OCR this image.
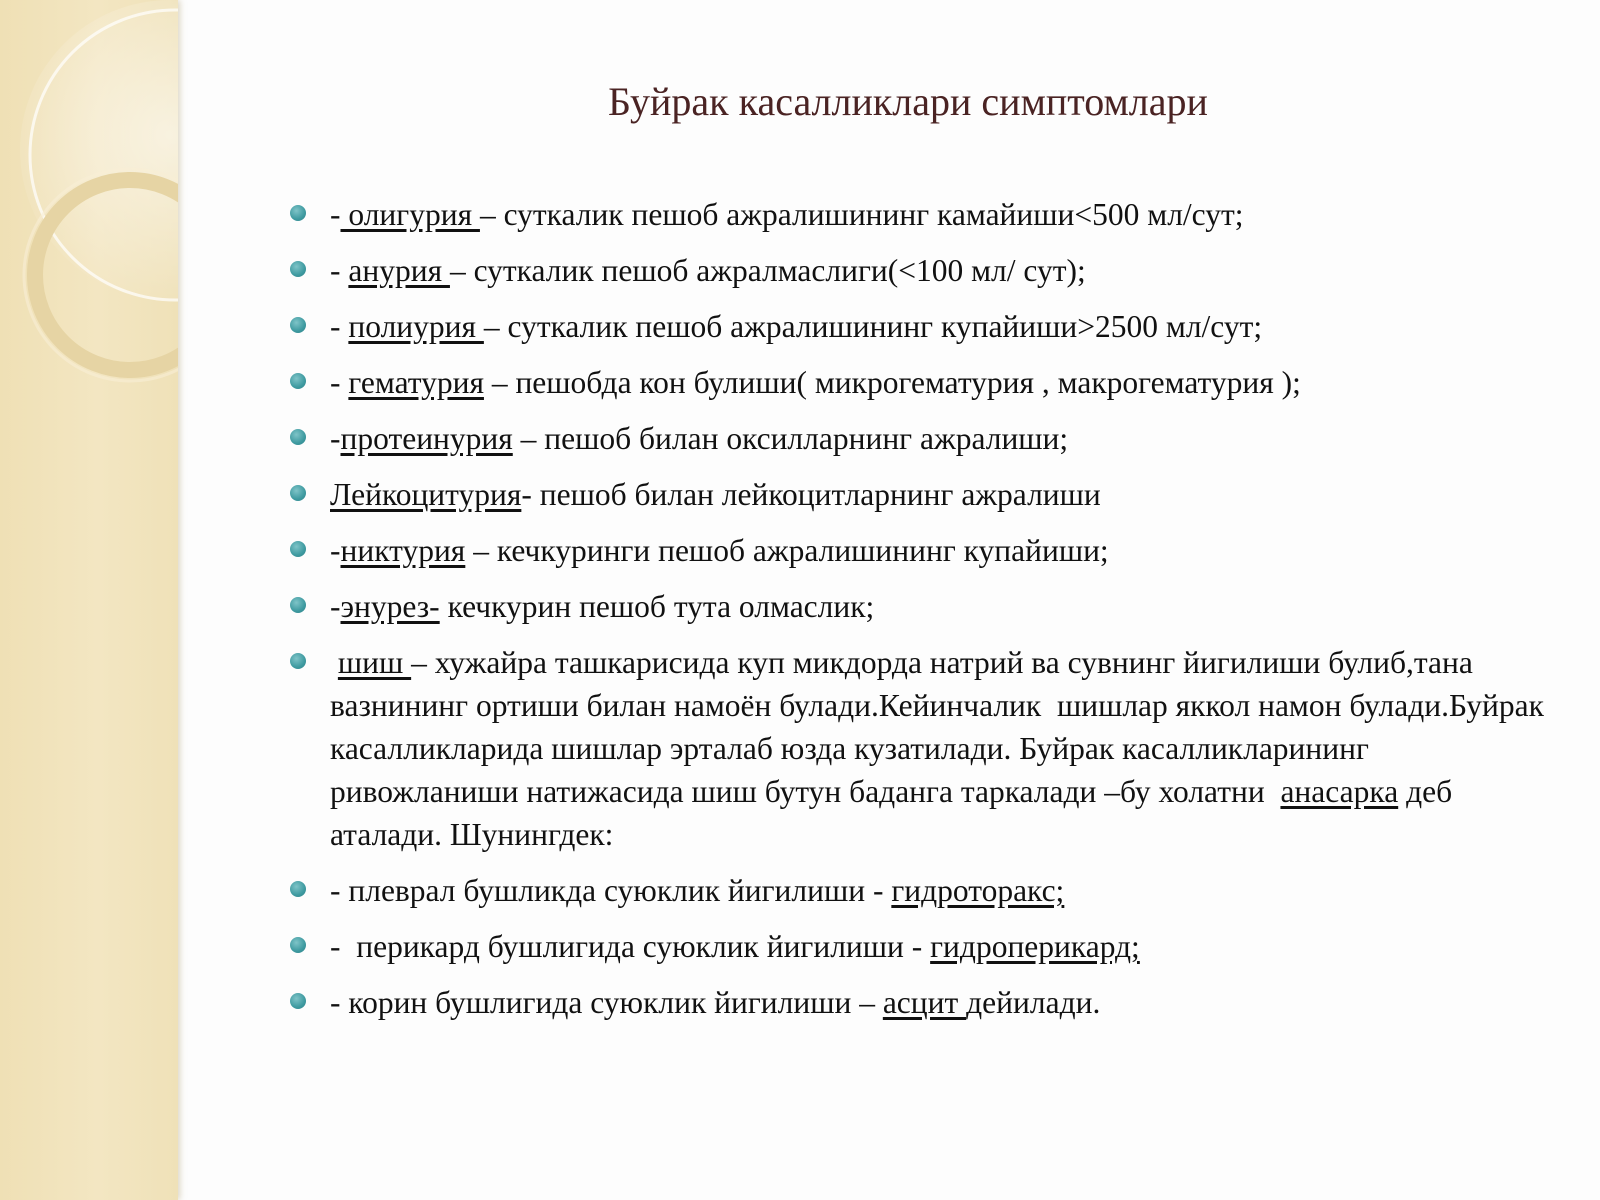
Буйрак касалликлари симптомлари
- олигурия – суткалик пешоб ажралишининг камайиши<500 мл/сут;
- анурия – суткалик пешоб ажралмаслиги(<100 мл/ сут);
- полиурия – суткалик пешоб ажралишининг купайиши>2500 мл/сут;
- гематурия – пешобда кон булиши( микрогематурия , макрогематурия );
-протеинурия – пешоб билан оксилларнинг ажралиши;
Лейкоцитурия- пешоб билан лейкоцитларнинг ажралиши
-никтурия – кечкуринги пешоб ажралишининг купайиши;
-энурез- кечкурин пешоб тута олмаслик;
шиш – хужайра ташкарисида куп микдорда натрий ва сувнинг йигилиши булиб,тана вазнининг ортиши билан намоён булади.Кейинчалик  шишлар яккол намон булади.Буйрак касалликларида шишлар эрталаб юзда кузатилади. Буйрак касалликларининг ривожланиши натижасида шиш бутун баданга таркалади –бу холатни  анасарка деб аталади. Шунингдек:
- плеврал бушликда суюклик йигилиши - гидроторакс;
-  перикард бушлигида суюклик йигилиши - гидроперикард;
- корин бушлигида суюклик йигилиши – асцит дейилади.
